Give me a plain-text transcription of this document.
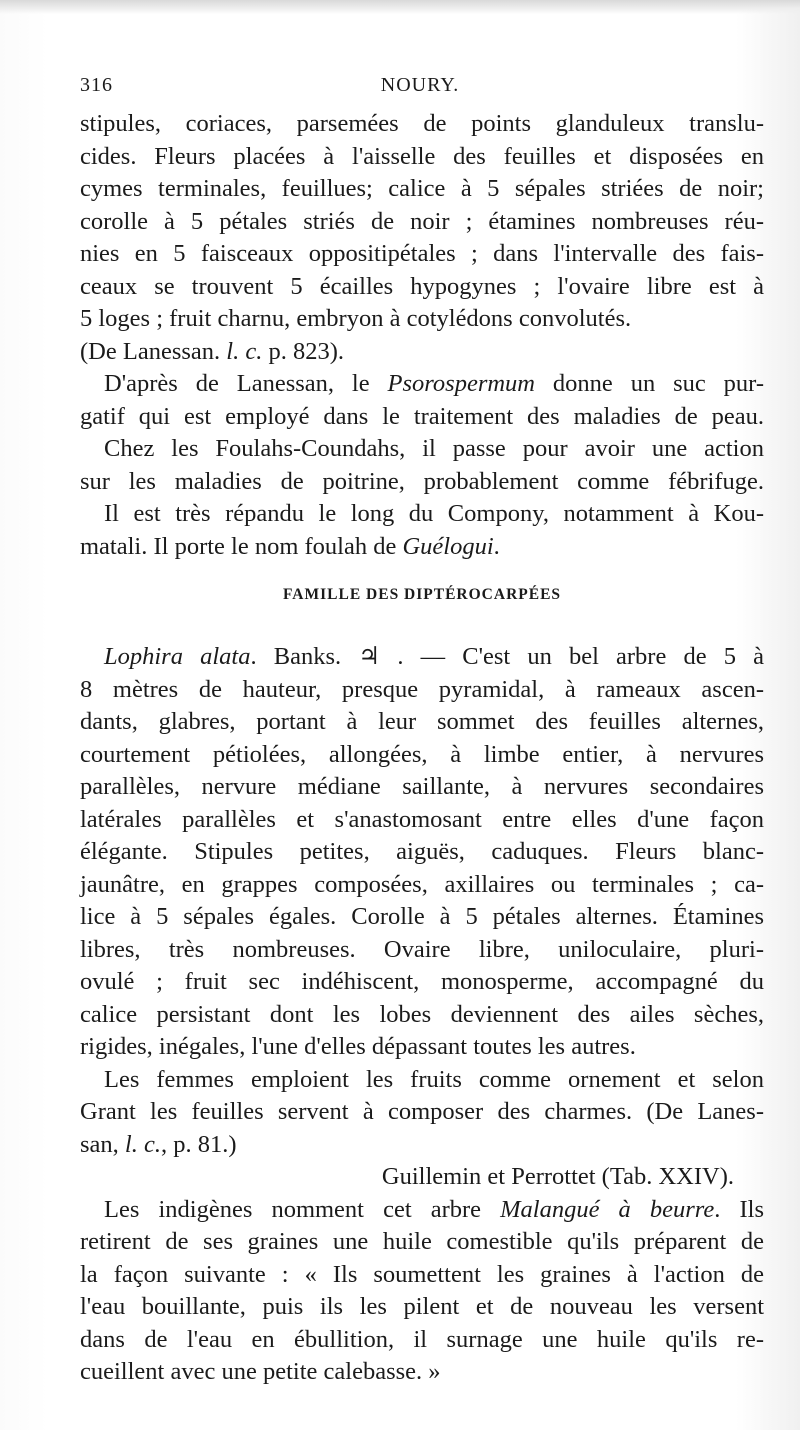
316	NOURY.
stipules, coriaces, parsemées de points glanduleux translu-
cides. Fleurs placées à l'aisselle des feuilles et disposées en
cymes terminales, feuillues; calice à 5 sépales striées de noir;
corolle à 5 pétales striés de noir ; étamines nombreuses réu-
nies en 5 faisceaux oppositipétales ; dans l'intervalle des fais-
ceaux se trouvent 5 écailles hypogynes ; l'ovaire libre est à
5 loges ; fruit charnu, embryon à cotylédons convolutés.
(De Lanessan. l. c. p. 823).
D'après de Lanessan, le Psorospermum donne un suc pur-
gatif qui est employé dans le traitement des maladies de peau.
Chez les Foulahs-Coundahs, il passe pour avoir une action
sur les maladies de poitrine, probablement comme fébrifuge.
Il est très répandu le long du Compony, notamment à Kou-
matali. Il porte le nom foulah de Guélogui.
FAMILLE DES DIPTÉROCARPÉES
Lophira alata. Banks. ♃ . — C'est un bel arbre de 5 à
8 mètres de hauteur, presque pyramidal, à rameaux ascen-
dants, glabres, portant à leur sommet des feuilles alternes,
courtement pétiolées, allongées, à limbe entier, à nervures
parallèles, nervure médiane saillante, à nervures secondaires
latérales parallèles et s'anastomosant entre elles d'une façon
élégante. Stipules petites, aiguës, caduques. Fleurs blanc-
jaunâtre, en grappes composées, axillaires ou terminales ; ca-
lice à 5 sépales égales. Corolle à 5 pétales alternes. Étamines
libres, très nombreuses. Ovaire libre, uniloculaire, pluri-
ovulé ; fruit sec indéhiscent, monosperme, accompagné du
calice persistant dont les lobes deviennent des ailes sèches,
rigides, inégales, l'une d'elles dépassant toutes les autres.
Les femmes emploient les fruits comme ornement et selon
Grant les feuilles servent à composer des charmes. (De Lanes-
san, l. c., p. 81.)
Guillemin et Perrottet (Tab. XXIV).
Les indigènes nomment cet arbre Malangué à beurre. Ils
retirent de ses graines une huile comestible qu'ils préparent de
la façon suivante : « Ils soumettent les graines à l'action de
l'eau bouillante, puis ils les pilent et de nouveau les versent
dans de l'eau en ébullition, il surnage une huile qu'ils re-
cueillent avec une petite calebasse. »
